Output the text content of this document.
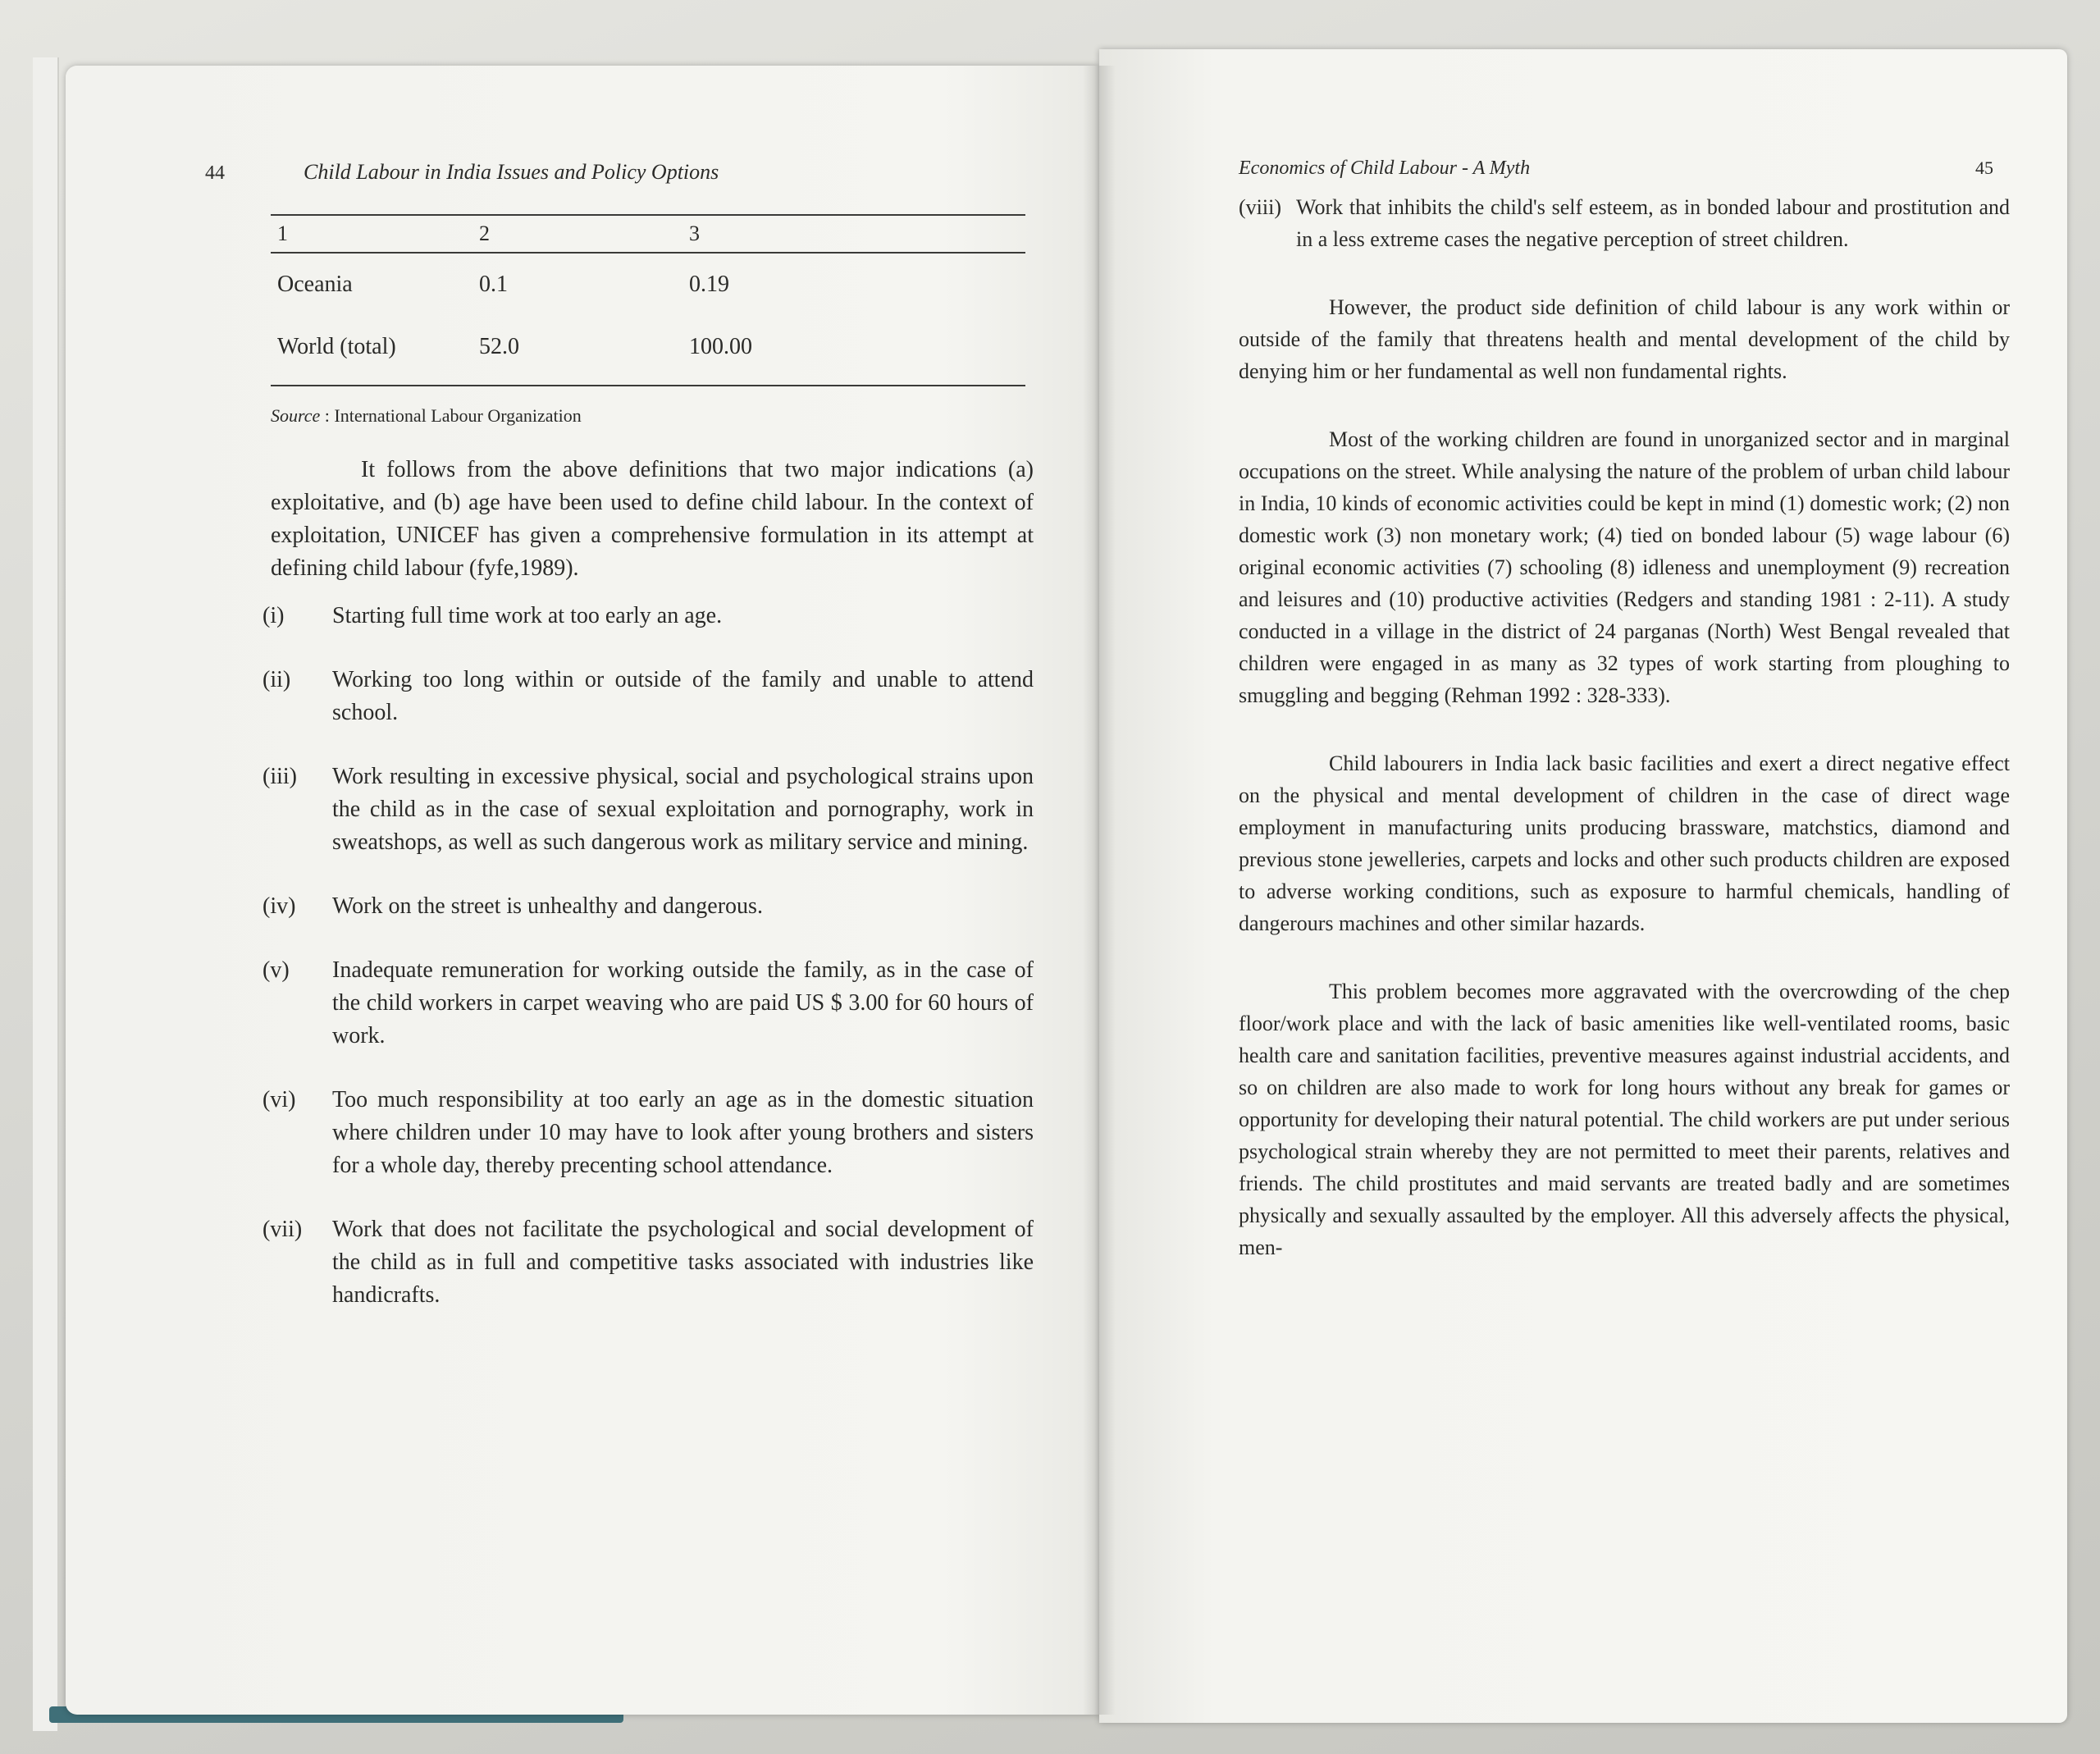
44	Child Labour in India Issues and Policy Options
1	2	3
Oceania	0.1	0.19
World (total)	52.0	100.00
Source : International Labour Organization

It follows from the above definitions that two major indications (a) exploitative, and (b) age have been used to define child labour. In the context of exploitation, UNICEF has given a comprehensive formulation in its attempt at defining child labour (fyfe,1989).

(i)	Starting full time work at too early an age.
(ii)	Working too long within or outside of the family and unable to attend school.
(iii)	Work resulting in excessive physical, social and psychological strains upon the child as in the case of sexual exploitation and pornography, work in sweatshops, as well as such dangerous work as military service and mining.
(iv)	Work on the street is unhealthy and dangerous.
(v)	Inadequate remuneration for working outside the family, as in the case of the child workers in carpet weaving who are paid US $ 3.00 for 60 hours of work.
(vi)	Too much responsibility at too early an age as in the domestic situation where children under 10 may have to look after young brothers and sisters for a whole day, thereby precenting school attendance.
(vii)	Work that does not facilitate the psychological and social development of the child as in full and competitive tasks associated with industries like handicrafts.
Economics of Child Labour - A Myth	45
(viii) Work that inhibits the child's self esteem, as in bonded labour and prostitution and in a less extreme cases the negative perception of street children.

However, the product side definition of child labour is any work within or outside of the family that threatens health and mental development of the child by denying him or her fundamental as well non fundamental rights.

Most of the working children are found in unorganized sector and in marginal occupations on the street. While analysing the nature of the problem of urban child labour in India, 10 kinds of economic activities could be kept in mind (1) domestic work; (2) non domestic work (3) non monetary work; (4) tied on bonded labour (5) wage labour (6) original economic activities (7) schooling (8) idleness and unemployment (9) recreation and leisures and (10) productive activities (Redgers and standing 1981 : 2-11). A study conducted in a village in the district of 24 parganas (North) West Bengal revealed that children were engaged in as many as 32 types of work starting from ploughing to smuggling and begging (Rehman 1992 : 328-333).

Child labourers in India lack basic facilities and exert a direct negative effect on the physical and mental development of children in the case of direct wage employment in manufacturing units producing brassware, matchstics, diamond and previous stone jewelleries, carpets and locks and other such products children are exposed to adverse working conditions, such as exposure to harmful chemicals, handling of dangerours machines and other similar hazards.

This problem becomes more aggravated with the overcrowding of the chep floor/work place and with the lack of basic amenities like well-ventilated rooms, basic health care and sanitation facilities, preventive measures against industrial accidents, and so on children are also made to work for long hours without any break for games or opportunity for developing their natural potential. The child workers are put under serious psychological strain whereby they are not permitted to meet their parents, relatives and friends. The child prostitutes and maid servants are treated badly and are sometimes physically and sexually assaulted by the employer. All this adversely affects the physical, men-
